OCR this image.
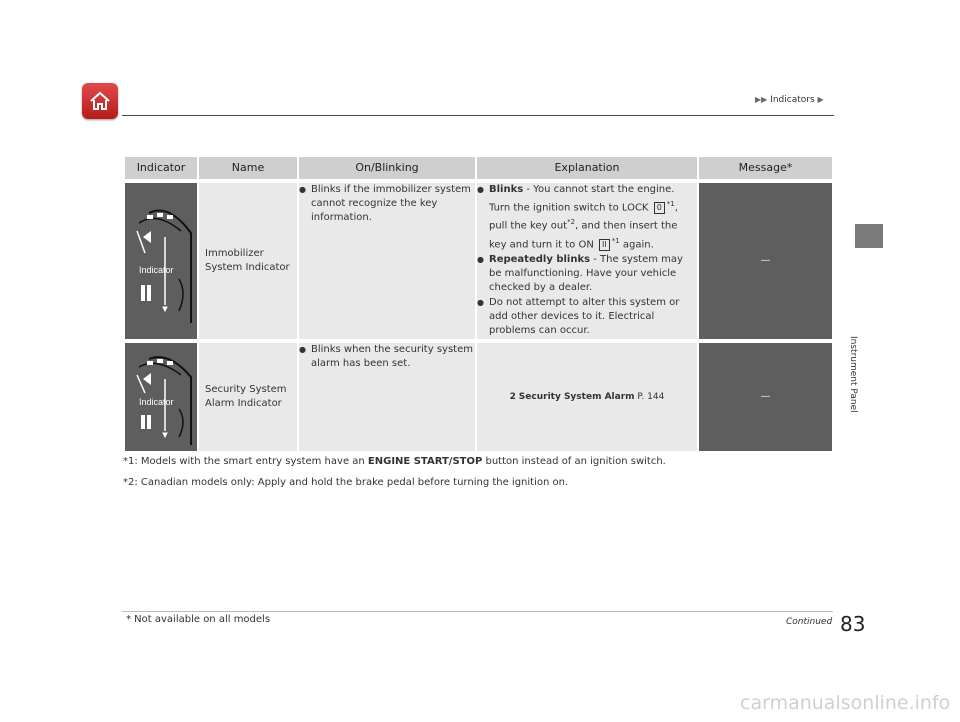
▶▶ Indicators ▶
Instrument Panel
Indicator	Name	On/Blinking	Explanation	Message*

Indicator	Immobilizer System Indicator	● Blinks if the immobilizer system cannot recognize the key information.	● Blinks - You cannot start the engine. Turn the ignition switch to LOCK 0 $^{*1}$, pull the key out$^{*2}$, and then insert the key and turn it to ON II $^{*1}$ again.
● Repeatedly blinks - The system may be malfunctioning. Have your vehicle checked by a dealer.
● Do not attempt to alter this system or add other devices to it. Electrical problems can occur.	—

Indicator	Security System Alarm Indicator	● Blinks when the security system alarm has been set.	2 Security System Alarm P. 144	—

*1: Models with the smart entry system have an ENGINE START/STOP button instead of an ignition switch.

*2: Canadian models only: Apply and hold the brake pedal before turning the ignition on.

* Not available on all models	Continued 83
carmanualsonline.info
